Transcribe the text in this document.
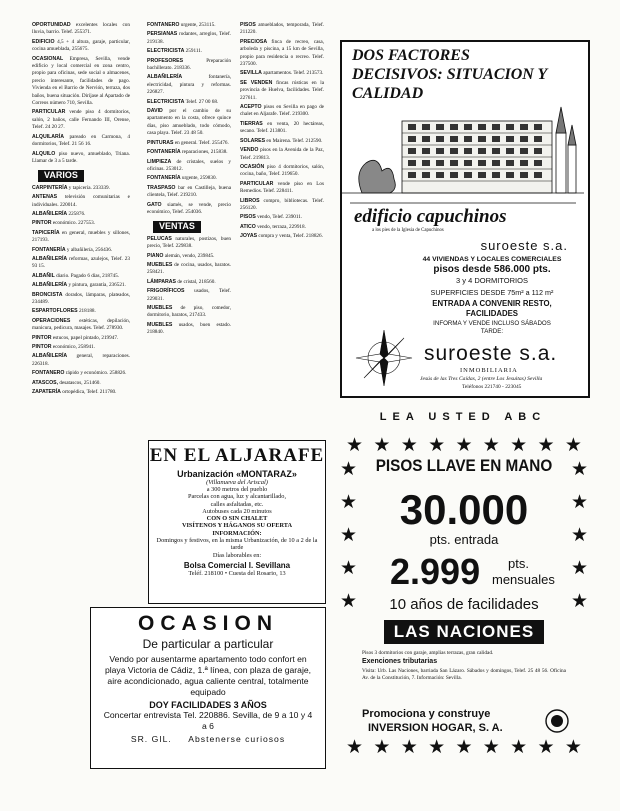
OPORTUNIDAD excelentes locales con lluvia, barrio. Telef. 255371.

EDIFICIO 4,5 + 4 altura, garaje, particular, cocina amueblada, 255675.

OCASIONAL Empresa, Sevilla, vende edificio y local comercial en zona centro, propio para oficinas, sede social o almacenes, precio interesante, facilidades de pago. Vivienda en el Barrio de Nervión, terraza, dos baños, buena situación. Diríjase al Apartado de Correos número 710, Sevilla.

PARTICULAR vende piso 4 dormitorios, salón, 2 baños, calle Fernando III, Orense, Telef. 24 20 27.

ALQUILARÍA pareado en Carmona, 4 dormitorios, Telef. 21 56 16.

ALQUILO piso nuevo, amueblado, Triana. Llamar de 3 a 5 tarde.

VARIOS

CARPINTERÍA y tapicería. 233339.

ANTENAS televisión comunitarias e individuales. 220014.

ALBAÑILERÍA 225876.

PINTOR económico. 227553.

TAPICERÍA en general, muebles y sillones, 217193.

FONTANERÍA y albañilería, 256436.

ALBAÑILERÍA reformas, azulejos, Telef. 23 93 15.

ALBAÑIL diario. Pagado 6 días, 218745.

ALBAÑILERÍA y pintura, garantía, 236521.

BRONCISTA dorados, lámparas, plateados, 234489.

ESPARTOFLORES 218188.

OPERACIONES estéticas, depilación, manicura, pedicura, masajes. Telef. 278930.

PINTOR estucos, papel pintado, 219947.

PINTOR económico, 258941.

ALBAÑILERÍA general, reparaciones. 226318.

FONTANERO rápido y económico. 258826.

ATASCOS, desatascos, 251460.

ZAPATERÍA ortopédica, Telef. 211780.

FONTANERO urgente, 253115.

PERSIANAS rodantes, arreglos, Telef. 219138.

ELECTRICISTA 259111.

PROFESORES Preparación bachillerato. 218336.

ALBAÑILERÍA fontanería, electricidad, pintura y reformas. 226827.

ELECTRICISTA Telef. 27 00 68.

DAVID por el cambio de su apartamento en la costa, ofrece quince días, piso amueblado, todo cómodo, casa playa. Telef. 23 48 50.

PINTURAS en general. Telef. 255476.

FONTANERÍA reparaciones, 215838.

LIMPIEZA de cristales, suelos y oficinas. 253012.

FONTANERÍA urgente, 259830.

TRASPASO bar en Castilleja, buena clientela, Telef. 219210.

GATO siamés, se vende, precio económico, Telef. 254036.

VENTAS

PELUCAS naturales, postizos, buen precio, Telef. 229838.

PIANO alemán, vendo, 239845.

MUEBLES de cocina, usados, baratos. 258421.

LÁMPARAS de cristal, 218560.

FRIGORÍFICOS usados, Telef. 229031.

MUEBLES de piso, comedor, dormitorio, baratos, 217433.

MUEBLES usados, buen estado. 218840.

PISOS amueblados, temporada, Telef. 211220.

PRECIOSA finca de recreo, casa, arboleda y piscina, a 15 km de Sevilla, propio para residencia o recreo. Telef. 237500.

SEVILLA apartamentos. Telef. 213573.

SE VENDEN fincas rústicas en la provincia de Huelva, facilidades. Telef. 227611.

ACEPTO pisos en Sevilla en pago de chalet en Aljarafe. Telef. 219300.

TIERRAS en venta, 20 hectáreas, secano. Telef. 213801.

SOLARES en Mairena. Telef. 212590.

VENDO pisos en la Avenida de la Paz, Telef. 219813.

OCASIÓN piso 4 dormitorios, salón, cocina, baño, Telef. 219650.

PARTICULAR vende piso en Los Remedios. Telef. 228411.

LIBROS compro, bibliotecas. Telef. 256120.

PISOS vendo, Telef. 239011.

ATICO vendo, terraza, 229918.

JOYAS compra y venta, Telef. 218826.

EN EL ALJARAFE
Urbanización «MONTARAZ»
(Villanueva del Ariscal)
a 300 metros del pueblo
Parcelas con agua, luz y alcantarillado,
calles asfaltadas, etc.
Autobuses cada 20 minutos
CON O SIN CHALET
VISÍTENOS Y HÁGANOS SU OFERTA
INFORMACIÓN:
Domingos y festivos, en la misma Urbanización, de 10 a 2 de la tarde
Días laborables en:
Bolsa Comercial I. Sevillana
Teléf. 218100 • Cuesta del Rosario, 13
OCASION
De particular a particular
Vendo por ausentarme apartamento todo confort en playa Victoria de Cádiz, 1.ª línea, con plaza de garaje, aire acondicionado, agua caliente central, totalmente equipado
DOY FACILIDADES 3 AÑOS
Concertar entrevista Tel. 220886. Sevilla, de 9 a 10 y 4 a 6
SR. GIL.     Abstenerse curiosos
DOS FACTORES DECISIVOS: SITUACION Y CALIDAD
edificio capuchinos
a los pies de la Iglesia de Capuchinos
suroeste s.a.
44 VIVIENDAS Y LOCALES COMERCIALES
pisos desde 586.000 pts.
3 y 4 DORMITORIOS
SUPERFICIES DESDE 75m² a 112 m²
ENTRADA A CONVENIR RESTO, FACILIDADES
INFORMA Y VENDE INCLUSO SÁBADOS TARDE:
suroeste s.a.
INMOBILIARIA
Jesús de las Tres Caídas, 2 (entre Los Jesuitas) Sevilla
Teléfonos 221740 - 223045
LEA USTED ABC
★ ★ ★ ★ ★ ★ ★ ★ ★
★
★
★
★
★
★
★
★
★
★
PISOS LLAVE EN MANO
30.000
pts. entrada
2.999 pts.
mensuales
10 años de facilidades
LAS NACIONES
Pisos 3 dormitorios con garaje, amplias terrazas, gran calidad.
Exenciones tributarias
Visita: Urb. Las Naciones, barriada San Lázaro. Sábados y domingos, Telef. 25 48 56. Oficina Av. de la Constitución, 7. Información: Sevilla.
Promociona y construye
INVERSION HOGAR, S. A.
★ ★ ★ ★ ★ ★ ★ ★ ★
